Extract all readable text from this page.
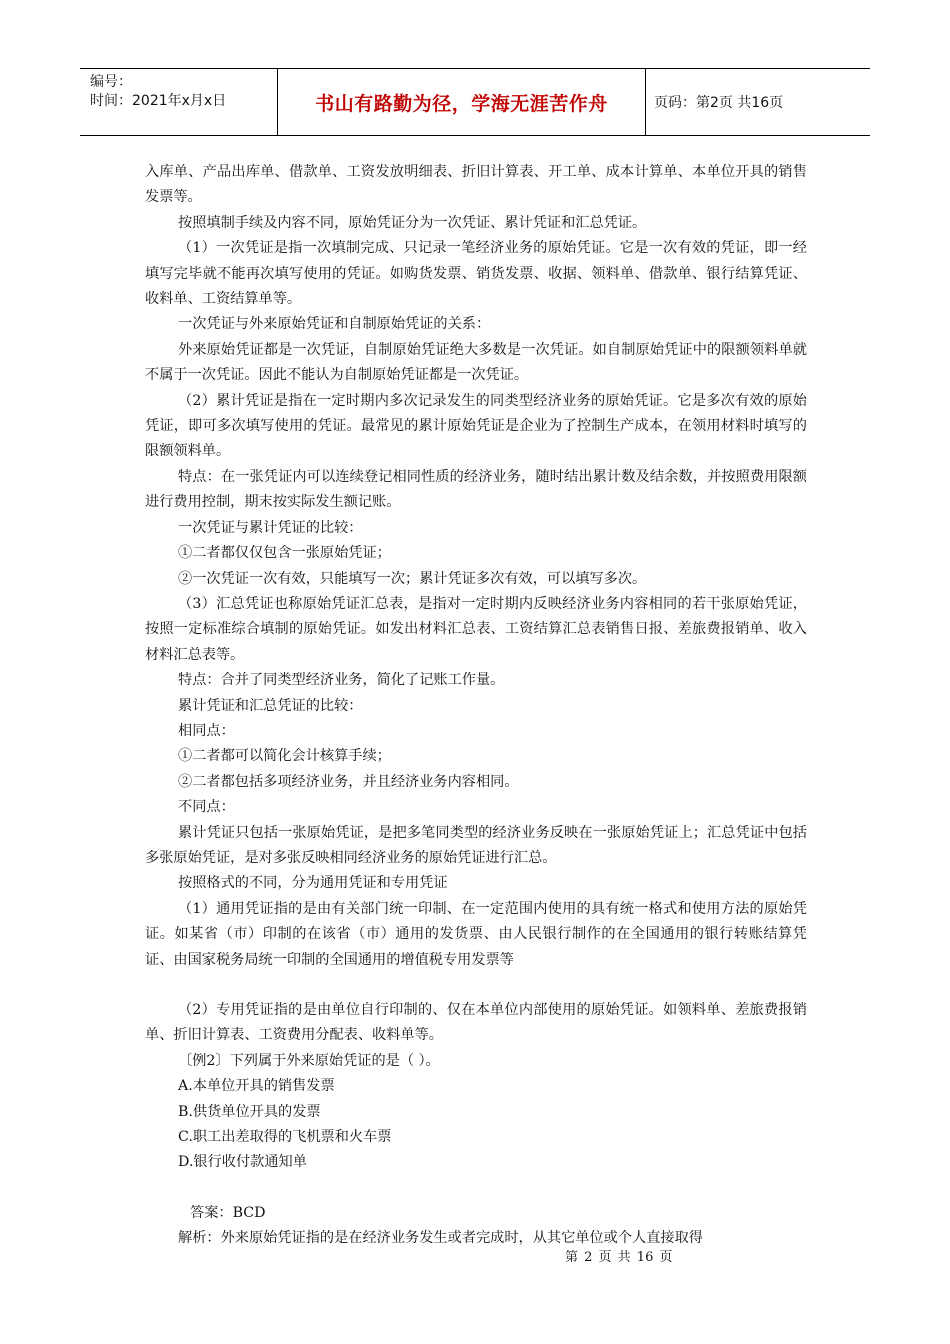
编号：
时间：2021年x月x日	书山有路勤为径，学海无涯苦作舟	页码：第2页 共16页

入库单、产品出库单、借款单、工资发放明细表、折旧计算表、开工单、成本计算单、本单位开具的销售发票等。

按照填制手续及内容不同，原始凭证分为一次凭证、累计凭证和汇总凭证。

（1）一次凭证是指一次填制完成、只记录一笔经济业务的原始凭证。它是一次有效的凭证，即一经填写完毕就不能再次填写使用的凭证。如购货发票、销货发票、收据、领料单、借款单、银行结算凭证、收料单、工资结算单等。

一次凭证与外来原始凭证和自制原始凭证的关系：

外来原始凭证都是一次凭证，自制原始凭证绝大多数是一次凭证。如自制原始凭证中的限额领料单就不属于一次凭证。因此不能认为自制原始凭证都是一次凭证。

（2）累计凭证是指在一定时期内多次记录发生的同类型经济业务的原始凭证。它是多次有效的原始凭证，即可多次填写使用的凭证。最常见的累计原始凭证是企业为了控制生产成本，在领用材料时填写的限额领料单。

特点：在一张凭证内可以连续登记相同性质的经济业务，随时结出累计数及结余数，并按照费用限额进行费用控制，期末按实际发生额记账。

一次凭证与累计凭证的比较：

①二者都仅仅包含一张原始凭证；

②一次凭证一次有效，只能填写一次；累计凭证多次有效，可以填写多次。

（3）汇总凭证也称原始凭证汇总表，是指对一定时期内反映经济业务内容相同的若干张原始凭证，按照一定标准综合填制的原始凭证。如发出材料汇总表、工资结算汇总表销售日报、差旅费报销单、收入材料汇总表等。

特点：合并了同类型经济业务，简化了记账工作量。

累计凭证和汇总凭证的比较：

相同点：

①二者都可以简化会计核算手续；

②二者都包括多项经济业务，并且经济业务内容相同。

不同点：

累计凭证只包括一张原始凭证，是把多笔同类型的经济业务反映在一张原始凭证上；汇总凭证中包括多张原始凭证，是对多张反映相同经济业务的原始凭证进行汇总。

按照格式的不同，分为通用凭证和专用凭证

（1）通用凭证指的是由有关部门统一印制、在一定范围内使用的具有统一格式和使用方法的原始凭证。如某省（市）印制的在该省（市）通用的发货票、由人民银行制作的在全国通用的银行转账结算凭证、由国家税务局统一印制的全国通用的增值税专用发票等

（2）专用凭证指的是由单位自行印制的、仅在本单位内部使用的原始凭证。如领料单、差旅费报销单、折旧计算表、工资费用分配表、收料单等。

〔例2〕下列属于外来原始凭证的是（ ）。

A.本单位开具的销售发票

B.供货单位开具的发票

C.职工出差取得的飞机票和火车票

D.银行收付款通知单

答案：BCD

解析：外来原始凭证指的是在经济业务发生或者完成时，从其它单位或个人直接取得

第 2 页 共 16 页
